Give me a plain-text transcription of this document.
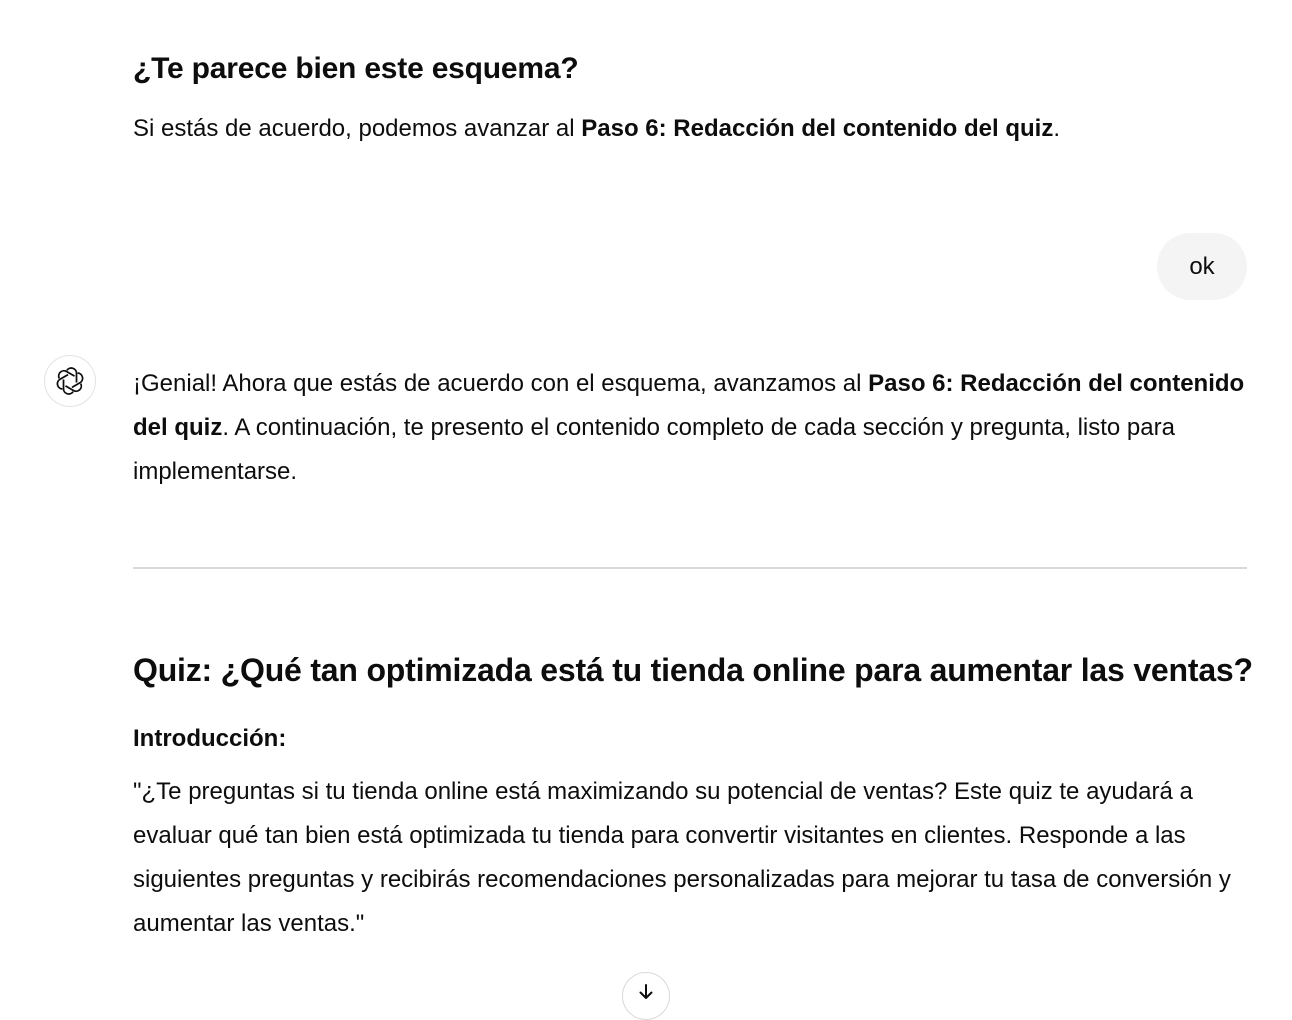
¿Te parece bien este esquema?

Si estás de acuerdo, podemos avanzar al Paso 6: Redacción del contenido del quiz.

ok

¡Genial! Ahora que estás de acuerdo con el esquema, avanzamos al Paso 6: Redacción del contenido del quiz. A continuación, te presento el contenido completo de cada sección y pregunta, listo para implementarse.

Quiz: ¿Qué tan optimizada está tu tienda online para aumentar las ventas?

Introducción:

"¿Te preguntas si tu tienda online está maximizando su potencial de ventas? Este quiz te ayudará a evaluar qué tan bien está optimizada tu tienda para convertir visitantes en clientes. Responde a las siguientes preguntas y recibirás recomendaciones personalizadas para mejorar tu tasa de conversión y aumentar las ventas."
